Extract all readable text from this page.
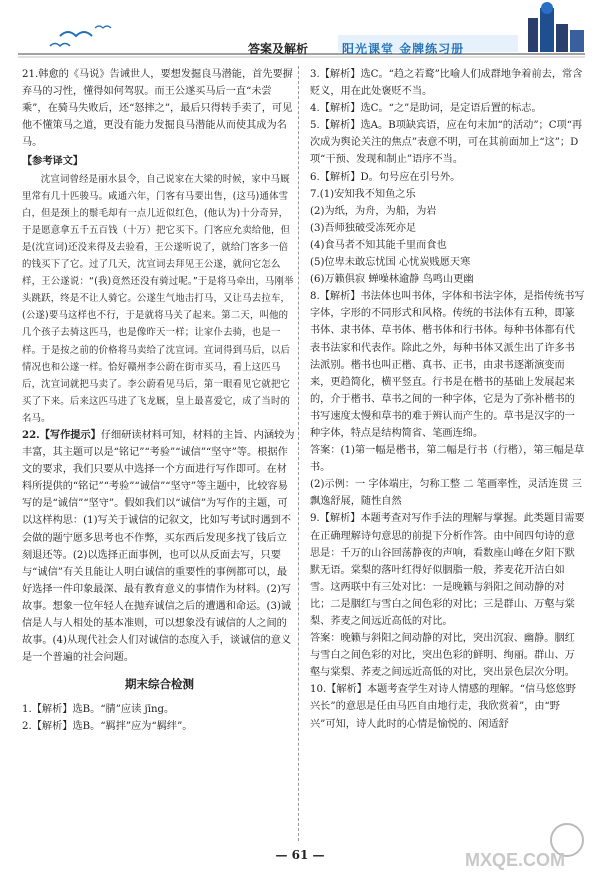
答案及解析	阳光课堂 金牌练习册

21.韩愈的《马说》告诫世人，要想发掘良马潜能，首先要摒弃马的习性，懂得如何驾驭。而王公遂买马后一直“未尝乘”，在骑马失败后，还“怒摔之”，最后只得转手卖了，可见他不懂策马之道，更没有能力发掘良马潜能从而使其成为名马。

【参考译文】

沈宣词曾经是丽水县令，自己说家在大梁的时候，家中马厩里常有几十匹骏马。咸通六年，门客有马要出售，(这马)通体雪白，但是颈上的鬃毛却有一点儿近似红色，(他认为)十分奇异，于是愿意拿五千五百钱（十万）把它买下。门客应允卖给他，但是(沈宣词)还没来得及去验看，王公遂听说了，就给门客多一倍的钱买下了它。过了几天，沈宣词去拜见王公遂，就问它怎么样，王公遂说：“(我)竟然还没有骑过呢。”于是将马牵出，马刚举头跳跃，终是不让人骑它。公遂生气地击打马，又让马去拉车，(公遂)要马这样也不行，于是就将马关了起来。第二天，叫他的几个孩子去骑这匹马，也是像昨天一样；让家仆去骑，也是一样。于是按之前的价格将马卖给了沈宣词。宣词得到马后，以后情况也和公遂一样。恰好赣州李公蔚在街市买马，看上这匹马后，沈宣词就把马卖了。李公蔚看见马后，第一眼看见它就把它买了下来。后来这匹马进了飞龙厩，皇上最喜爱它，成了当时的名马。

22.【写作提示】仔细研读材料可知，材料的主旨、内涵较为丰富，其主题可以是“铭记”“考验”“诚信”“坚守”等。根据作文的要求，我们只要从中选择一个方面进行写作即可。在材料所提供的“铭记”“考验”“诚信”“坚守”等主题中，比较容易写的是“诚信”“坚守”。假如我们以“诚信”为写作的主题，可以这样构思：(1)写关于诚信的记叙文，比如写考试时遇到不会做的题宁愿多思考也不作弊，买东西后发现多找了钱后立刻退还等。(2)以选择正面事例，也可以从反面去写，只要与“诚信”有关且能让人明白诚信的重要性的事例都可以，最好选择一件印象最深、最有教育意义的事情作为材料。(2)写故事。想象一位年轻人在抛弃诚信之后的遭遇和命运。(3)诚信是人与人相处的基本准则，可以想象没有诚信的人之间的故事。(4)从现代社会人们对诚信的态度入手，谈诚信的意义是一个普遍的社会问题。

期末综合检测

1.【解析】选B。“腈”应读 jīng。

2.【解析】选B。“羁拌”应为“羁绊”。

3.【解析】选C。“趋之若鹜”比喻人们成群地争着前去，常含贬义，用在此处褒贬不当。

4.【解析】选C。“之”是助词，是定语后置的标志。

5.【解析】选A。B项缺宾语，应在句末加“的活动”；C项“再次成为舆论关注的焦点”表意不明，可在其前面加上“这”；D项“干预、发现和制止”语序不当。

6.【解析】D。句号应在引号外。

7.(1)安知我不知鱼之乐

(2)为纸，为舟，为船，为岩

(3)吾师独破受冻死亦足

(4)食马者不知其能千里而食也

(5)位卑未敢忘忧国 心忧炭贱愿天寒

(6)万籁俱寂 蝉噪林逾静 鸟鸣山更幽

8.【解析】书法体也叫书体，字体和书法字体，是指传统书写字体，字形的不同形式和风格。传统的书法体有五种，即篆书体、隶书体、草书体、楷书体和行书体。每种书体都有代表书法家和代表作。除此之外，每种书体又派生出了许多书法派别。楷书也叫正楷、真书、正书，由隶书逐渐演变而来，更趋简化，横平竖直。行书是在楷书的基础上发展起来的，介于楷书、草书之间的一种字体，它是为了弥补楷书的书写速度太慢和草书的难于辨认而产生的。草书是汉字的一种字体，特点是结构简省、笔画连绵。

答案：(1)第一幅是楷书，第二幅是行书（行楷），第三幅是草书。

(2)示例：一 字体端庄，匀称工整 二 笔画率性，灵活连贯 三 飘逸舒展，随性自然

9.【解析】本题考查对写作手法的理解与掌握。此类题目需要在正确理解诗句意思的前提下分析作答。由中间四句诗的意思是：千万的山谷回荡静夜的声响，看数座山峰在夕阳下默默无语。棠梨的落叶红得好似胭脂一般，荞麦花开洁白如雪。这两联中有三处对比：一是晚籁与斜阳之间动静的对比；二是胭红与雪白之间色彩的对比；三是群山、万壑与棠梨、荞麦之间远近高低的对比。

答案：晚籁与斜阳之间动静的对比，突出沉寂、幽静。胭红与雪白之间色彩的对比，突出色彩的鲜明、绚丽。群山、万壑与棠梨、荞麦之间远近高低的对比，突出景色层次分明。

10.【解析】本题考查学生对诗人情感的理解。“信马悠悠野兴长”的意思是任由马匹自由地行走，我欣赏着”，由“野兴”可知，诗人此时的心情是愉悦的、闲适舒

— 61 —	MXQE.COM
